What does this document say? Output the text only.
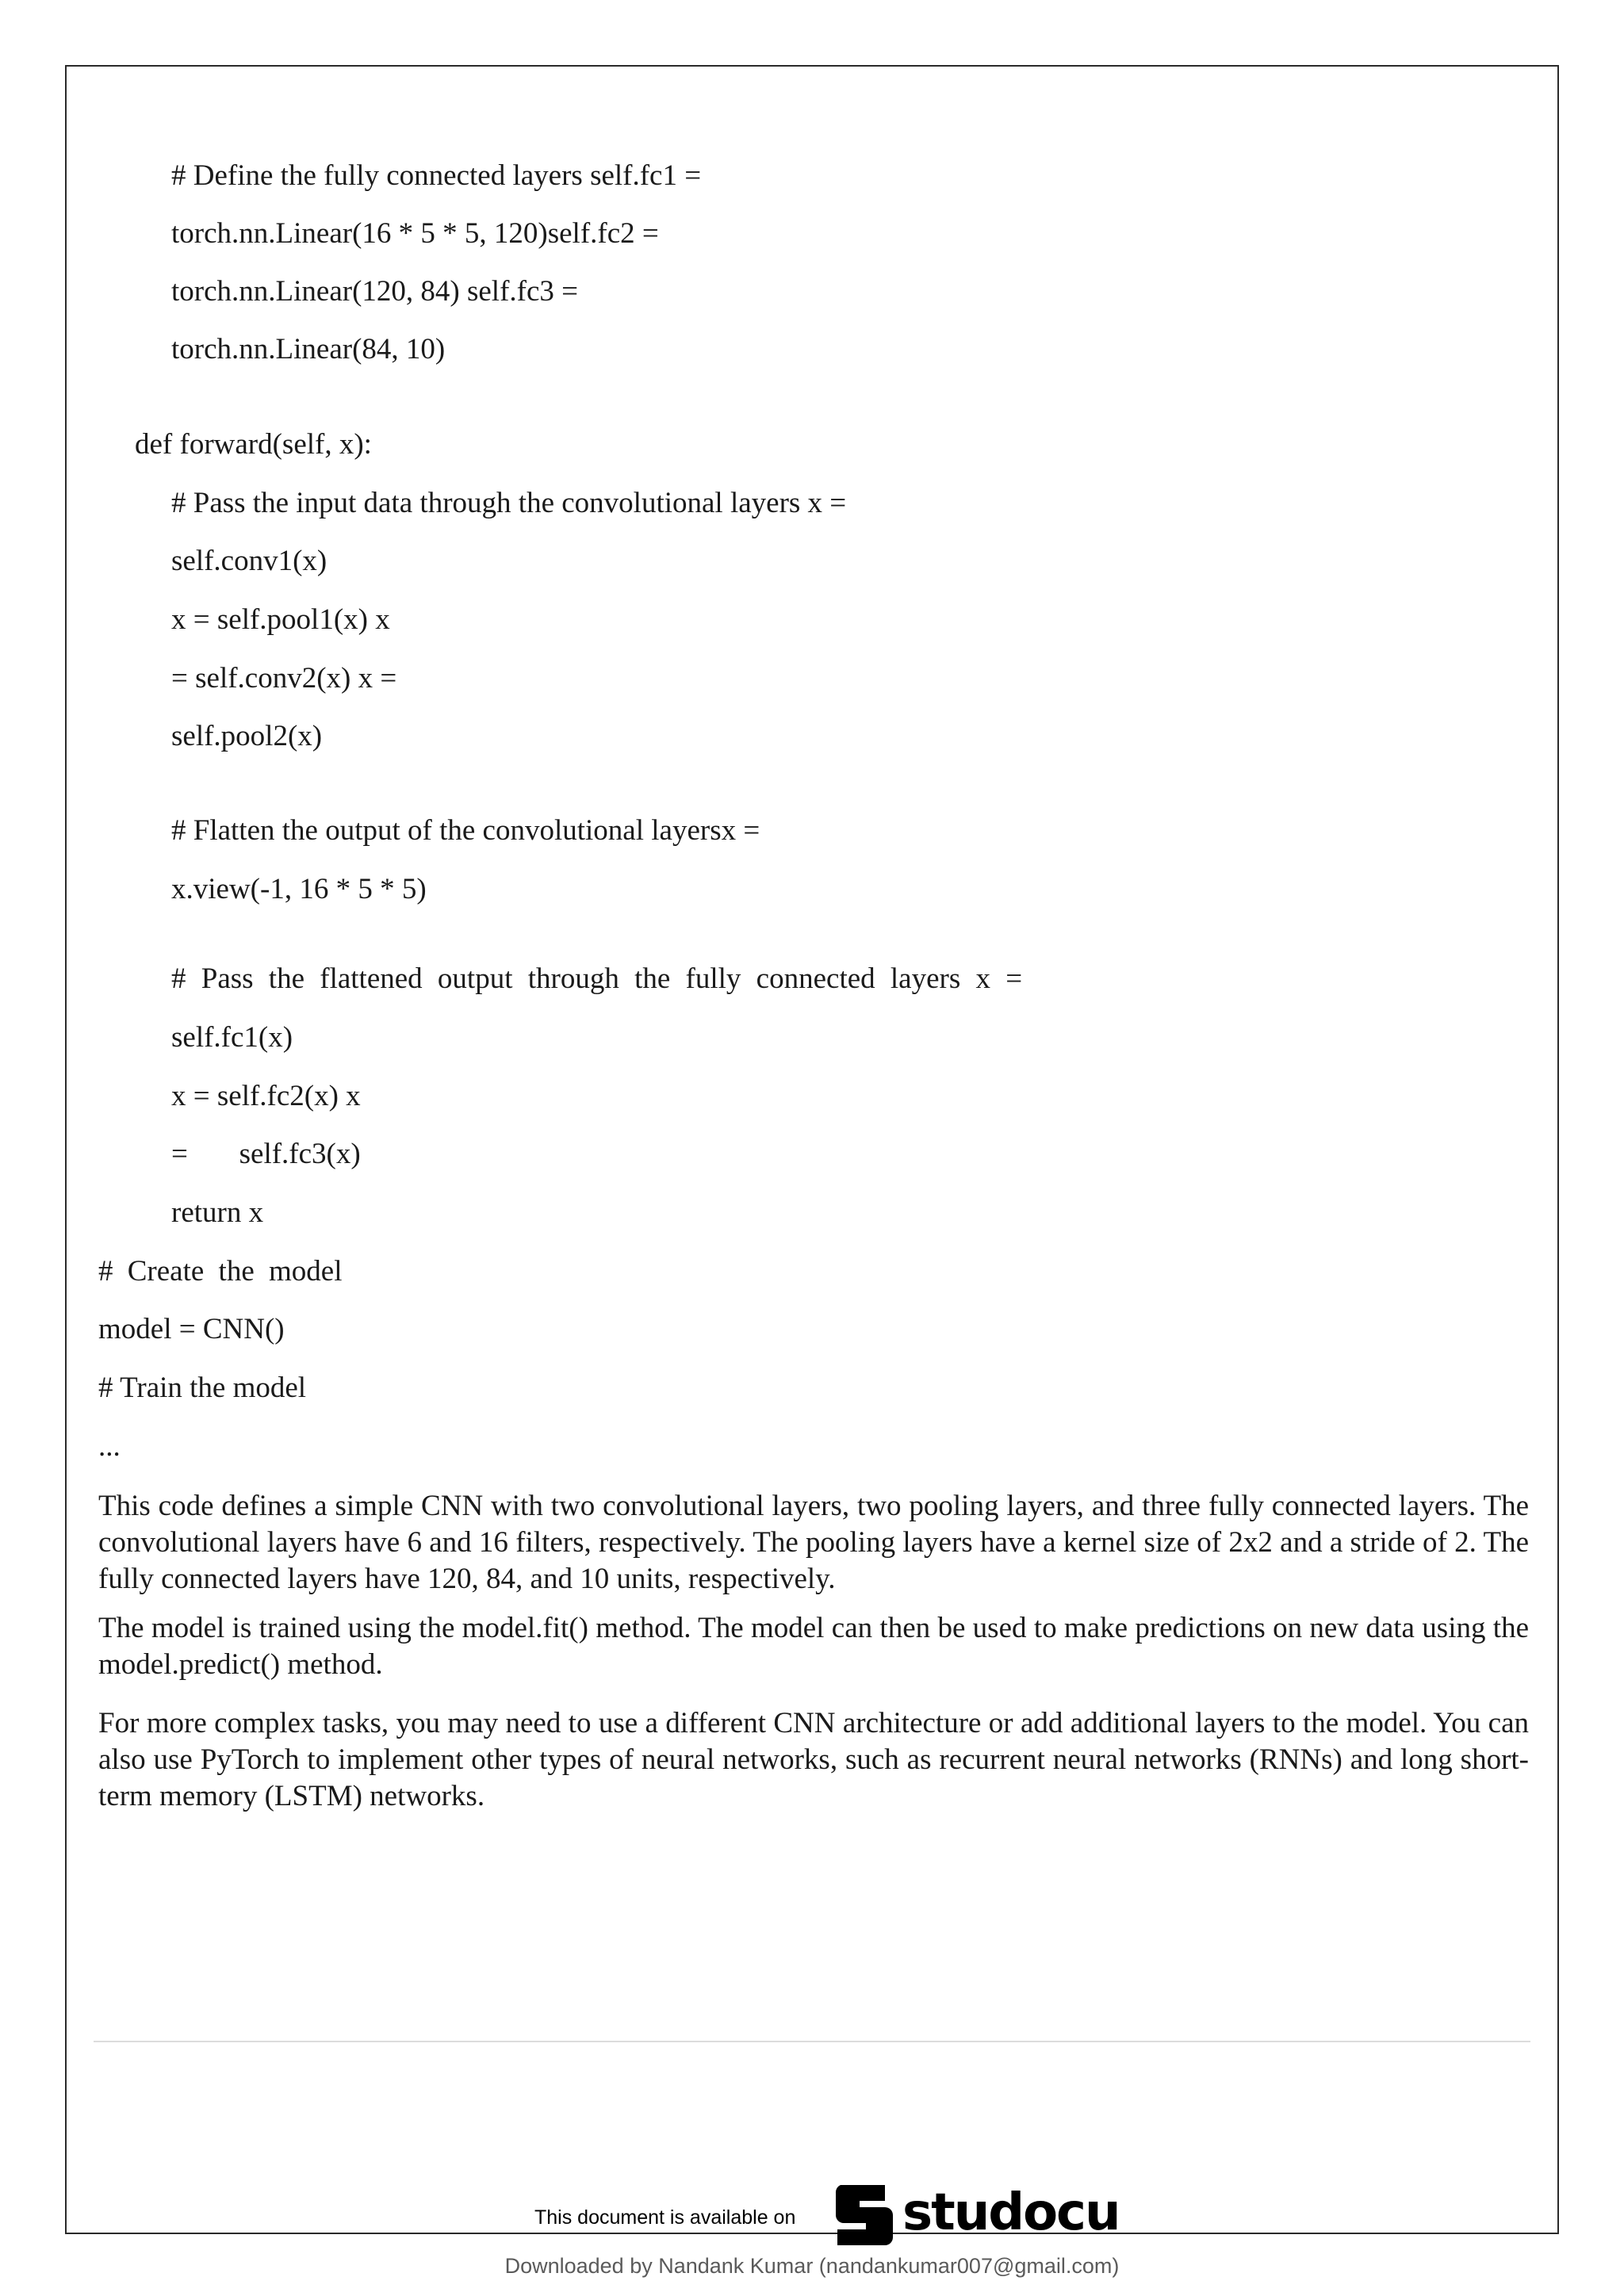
# Define the fully connected layers self.fc1 =
torch.nn.Linear(16 * 5 * 5, 120)self.fc2 =
torch.nn.Linear(120, 84) self.fc3 =
torch.nn.Linear(84, 10)
def forward(self, x):
# Pass the input data through the convolutional layers x =
self.conv1(x)
x = self.pool1(x) x
= self.conv2(x) x =
self.pool2(x)
# Flatten the output of the convolutional layersx =
x.view(-1, 16 * 5 * 5)
# Pass the flattened output through the fully connected layers x =
self.fc1(x)
x = self.fc2(x) x
=       self.fc3(x)
return x
# Create the model
model = CNN()
# Train the model
...

This code defines a simple CNN with two convolutional layers, two pooling layers, and three fully connected layers. The convolutional layers have 6 and 16 filters, respectively. The pooling layers have a kernel size of 2x2 and a stride of 2. The fully connected layers have 120, 84, and 10 units, respectively.

The model is trained using the model.fit() method. The model can then be used to make predictions on new data using the model.predict() method.

For more complex tasks, you may need to use a different CNN architecture or add additional layers to the model. You can also use PyTorch to implement other types of neural networks, such as recurrent neural networks (RNNs) and long short-term memory (LSTM) networks.

This document is available on studocu
Downloaded by Nandank Kumar (nandankumar007@gmail.com)
